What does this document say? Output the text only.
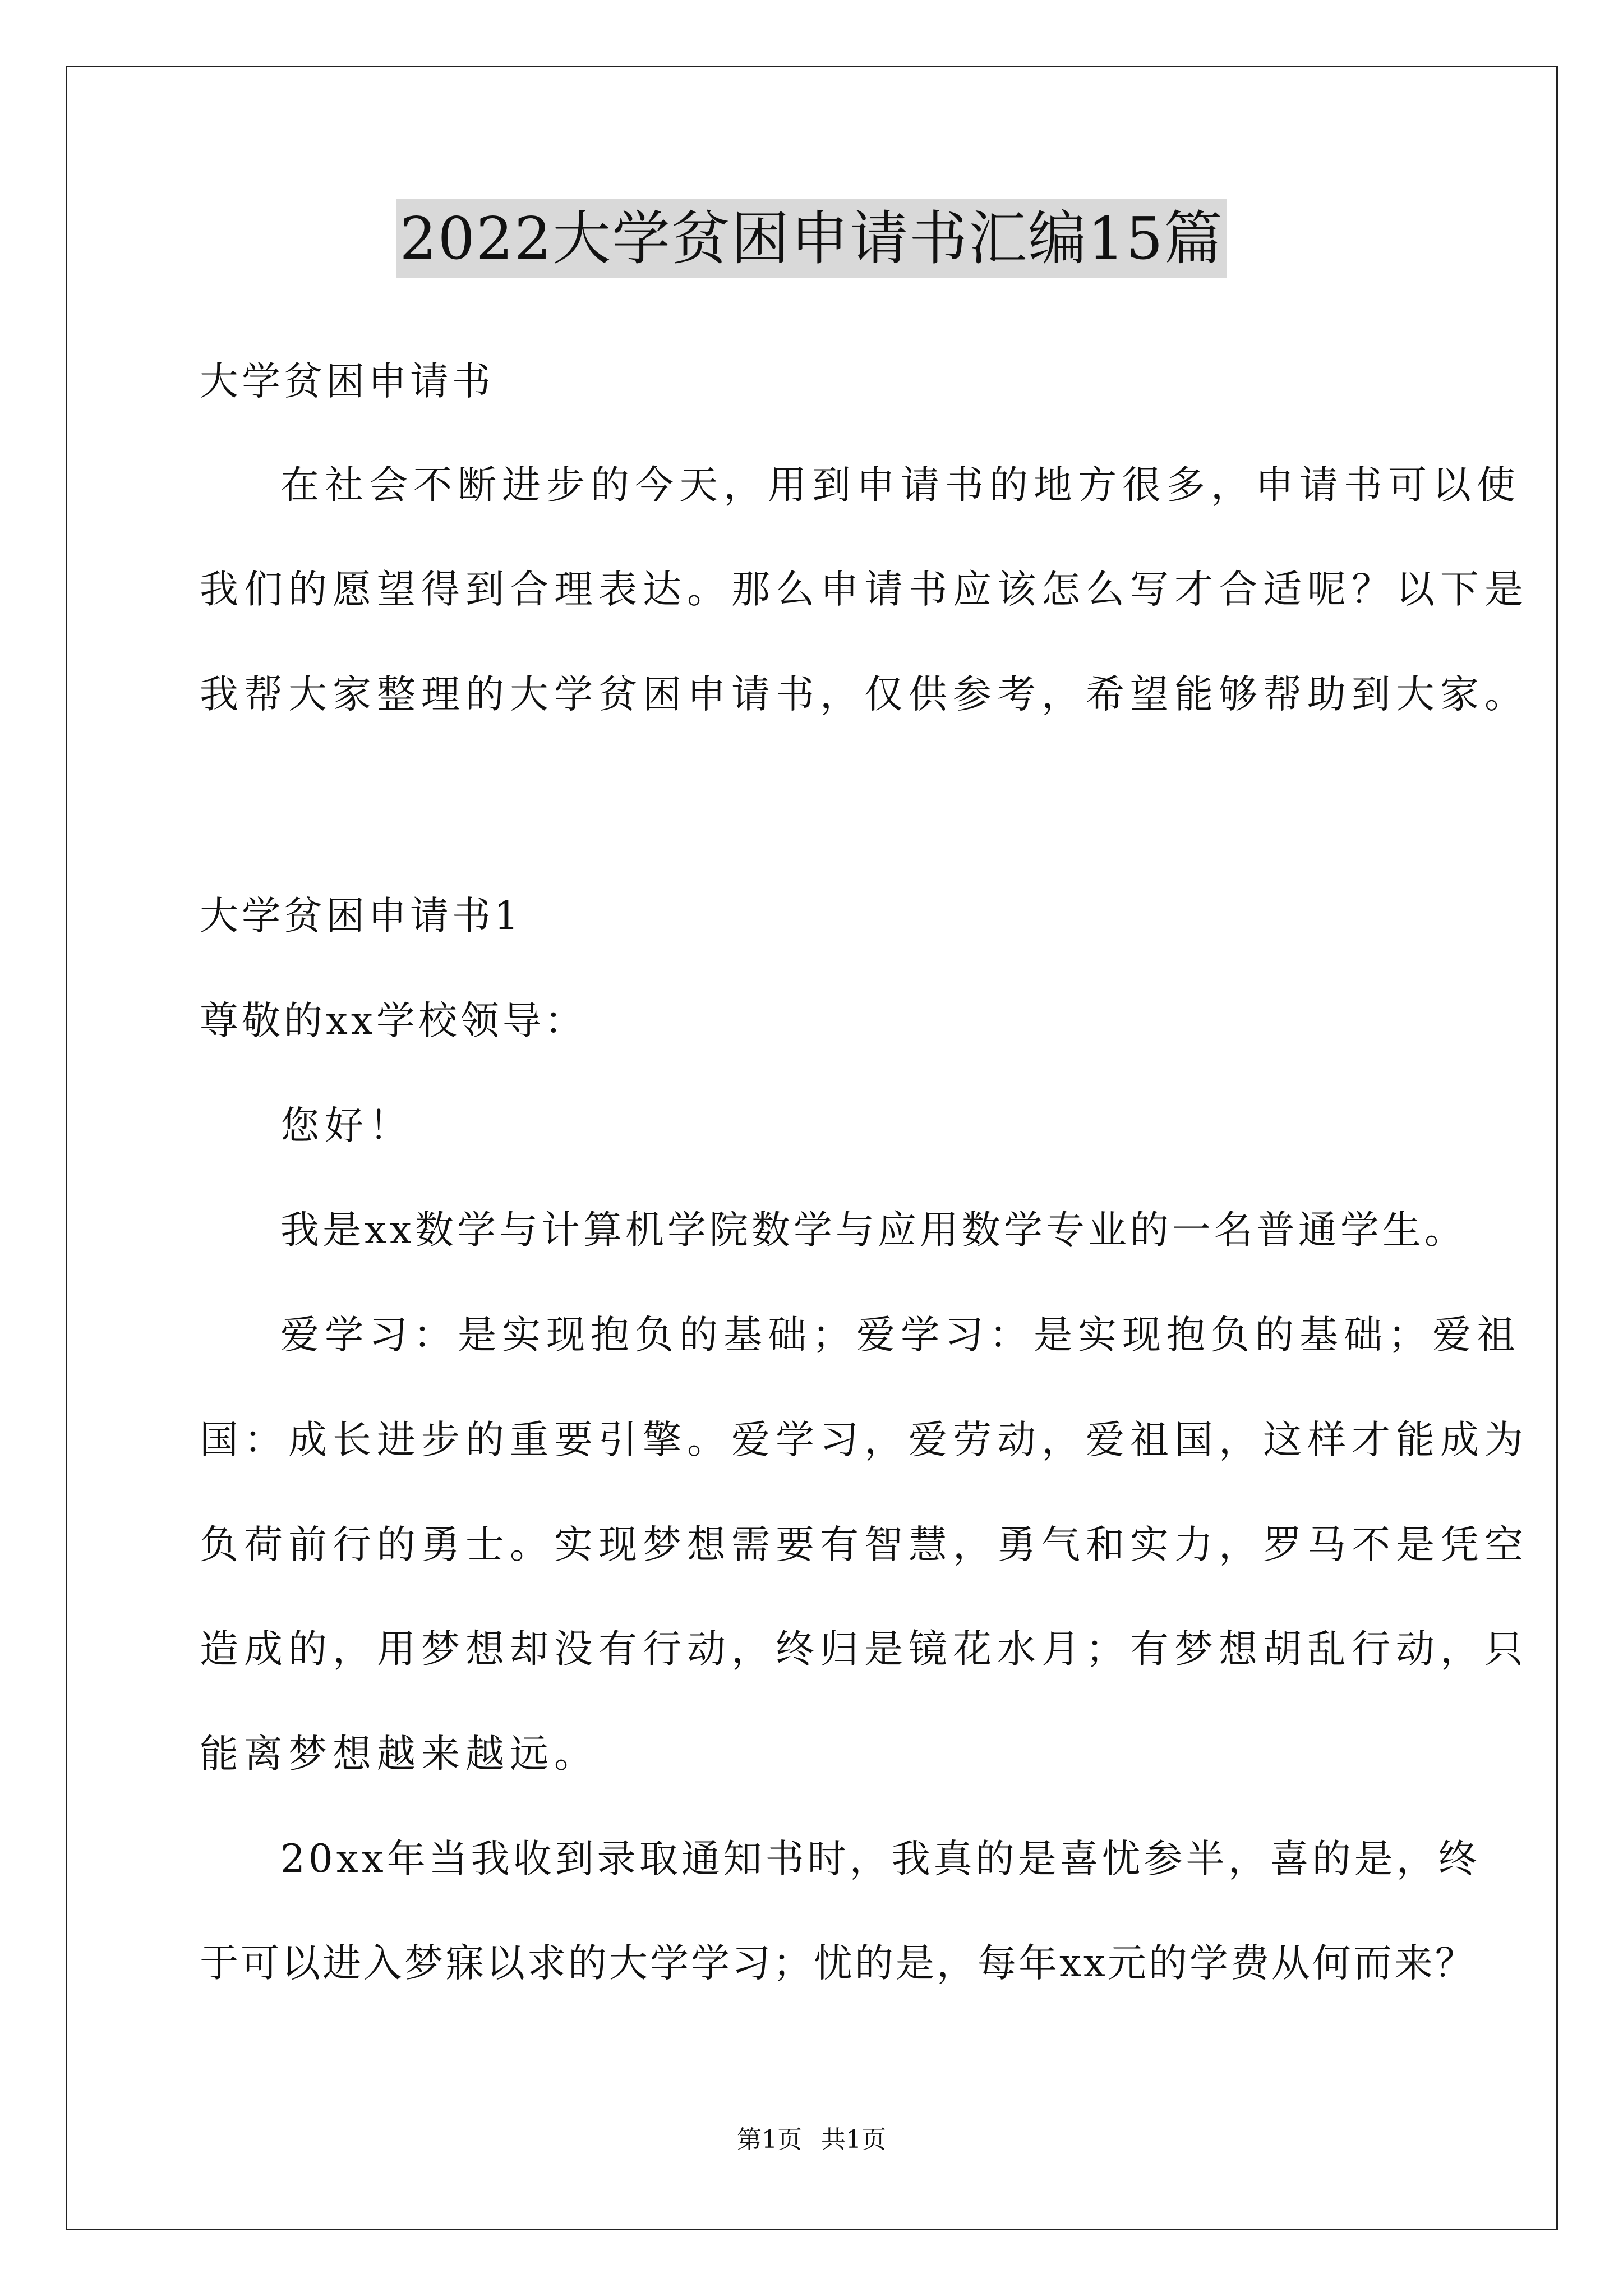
2022大学贫困申请书汇编15篇
大学贫困申请书
在社会不断进步的今天，用到申请书的地方很多，申请书可以使
我们的愿望得到合理表达。那么申请书应该怎么写才合适呢？以下是
我帮大家整理的大学贫困申请书，仅供参考，希望能够帮助到大家。
大学贫困申请书1
尊敬的xx学校领导：
您好！
我是xx数学与计算机学院数学与应用数学专业的一名普通学生。
爱学习：是实现抱负的基础；爱学习：是实现抱负的基础；爱祖
国：成长进步的重要引擎。爱学习，爱劳动，爱祖国，这样才能成为
负荷前行的勇士。实现梦想需要有智慧，勇气和实力，罗马不是凭空
造成的，用梦想却没有行动，终归是镜花水月；有梦想胡乱行动，只
能离梦想越来越远。
20xx年当我收到录取通知书时，我真的是喜忧参半，喜的是，终
于可以进入梦寐以求的大学学习；忧的是，每年xx元的学费从何而来？
第1页 共1页
